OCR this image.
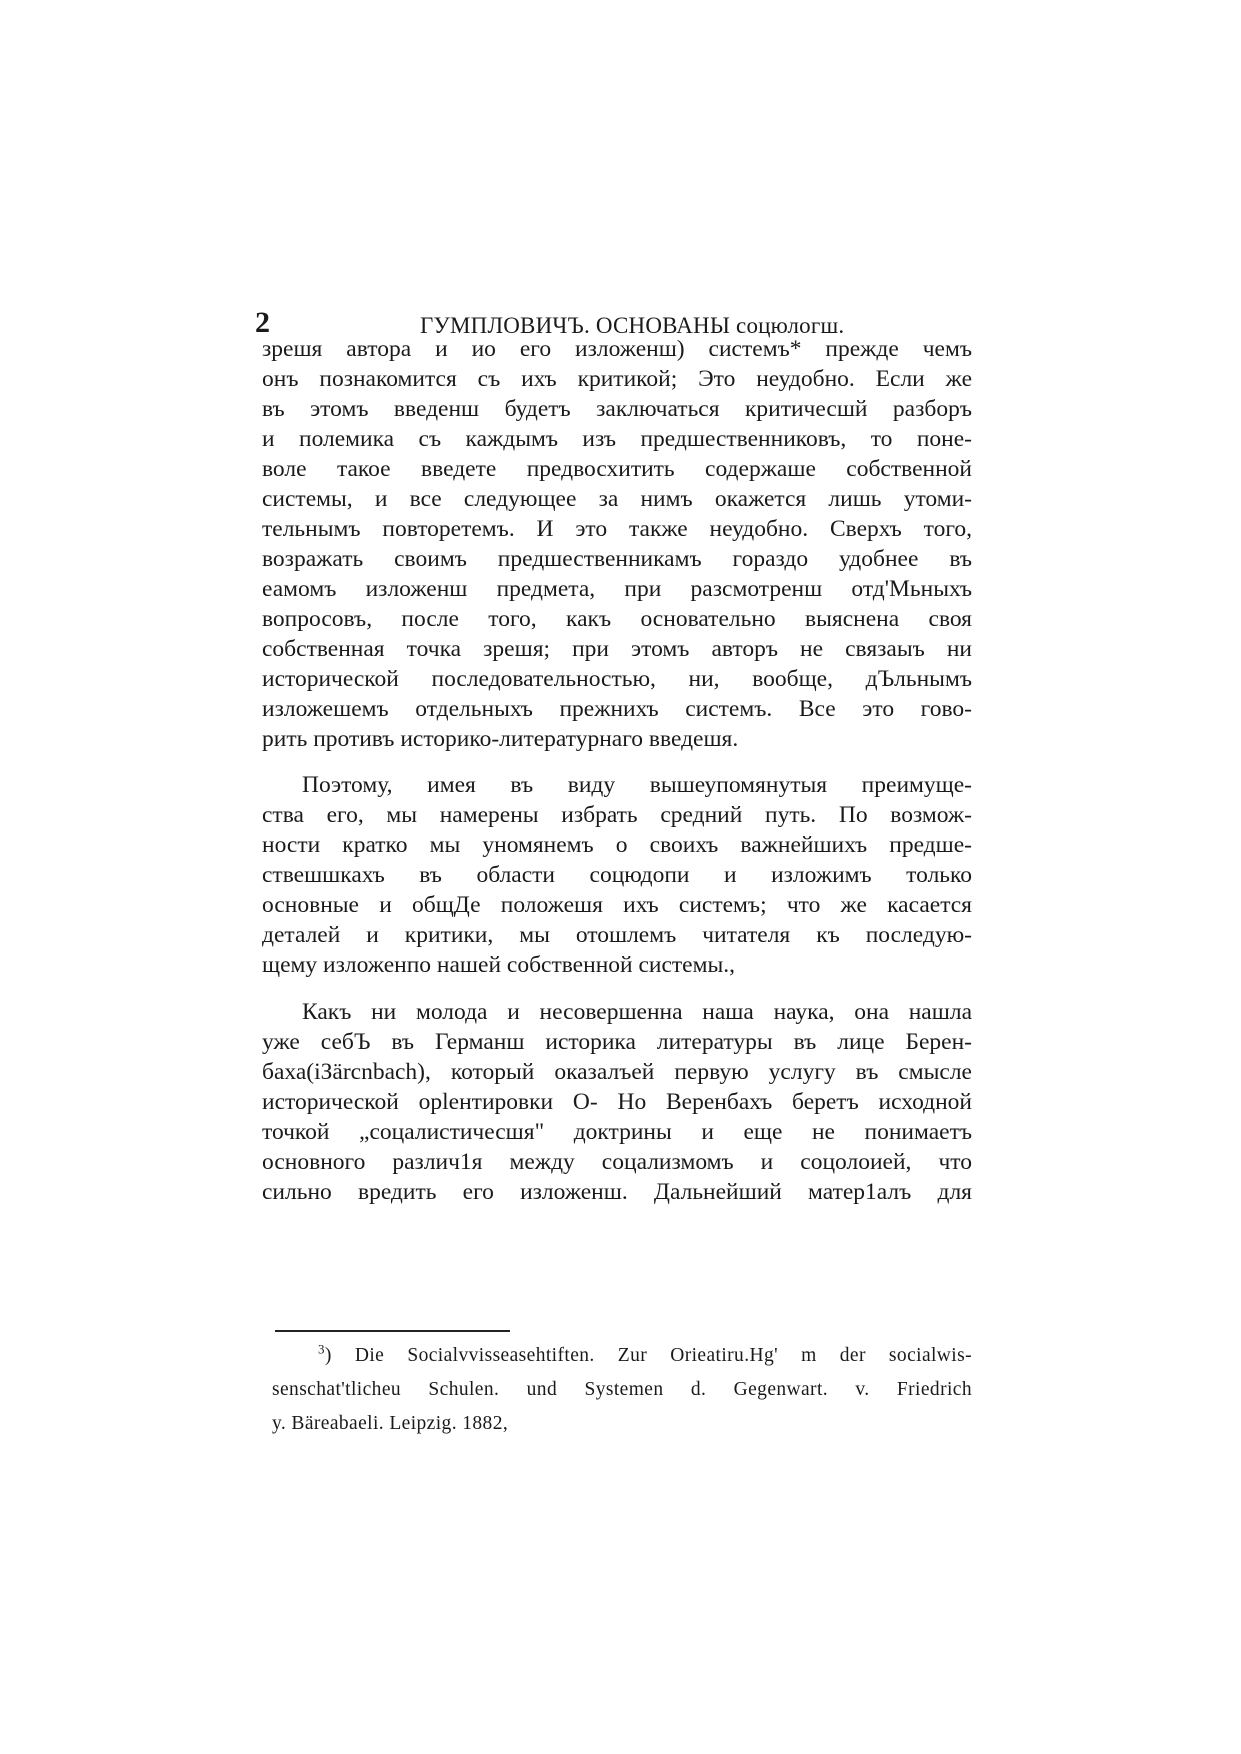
2	ГУМПЛОВИЧЪ. ОСНОВАНЫ соцюлогш.
зрешя автора и ио его изложенш) системъ* прежде чемъ
онъ познакомится съ ихъ критикой; Это неудобно. Если же
въ этомъ введенш будетъ заключаться критичесшй разборъ
и полемика съ каждымъ изъ предшественниковъ, то поне-
воле такое введете предвосхитить содержаше собственной
системы, и все следующее за нимъ окажется лишь утоми-
тельнымъ повторетемъ. И это также неудобно. Сверхъ того,
возражать своимъ предшественникамъ гораздо удобнее въ
еамомъ изложенш предмета, при разсмотренш отд'Мьныхъ
вопросовъ, после того, какъ основательно выяснена своя
собственная точка зрешя; при этомъ авторъ не связаыъ ни
исторической последовательностью, ни, вообще, дЪльнымъ
изложешемъ отдельныхъ прежнихъ системъ. Все это гово-
рить противъ историко-литературнаго введешя.
Поэтому, имея въ виду вышеупомянутыя преимуще-
ства его, мы намерены избрать средний путь. По возмож-
ности кратко мы уномянемъ о своихъ важнейшихъ предше-
ствешшкахъ въ области соцюдопи и изложимъ только
основные и общДе положешя ихъ системъ; что же касается
деталей и критики, мы отошлемъ читателя къ последую-
щему изложенпо нашей собственной системы.,
Какъ ни молода и несовершенна наша наука, она нашла
уже себЪ въ Германш историка литературы въ лице Берен-
баха(iЗärcnbach), который оказалъей первую услугу въ смысле
исторической орlентировки О- Но Веренбахъ беретъ исходной
точкой „соцалистичесшя" доктрины и еще не понимаетъ
основного различ1я между соцализмомъ и соцолоией, что
сильно вредить его изложенш. Дальнейший матер1алъ для
$^3$) Die Socialvvisseasehtiften. Zur Orieatiru.Hg' m der socialwis-
senschat'tlicheu Schulen. und Systemen d. Gegenwart. v. Friedrich
y. Bäreabaeli. Leipzig. 1882,
